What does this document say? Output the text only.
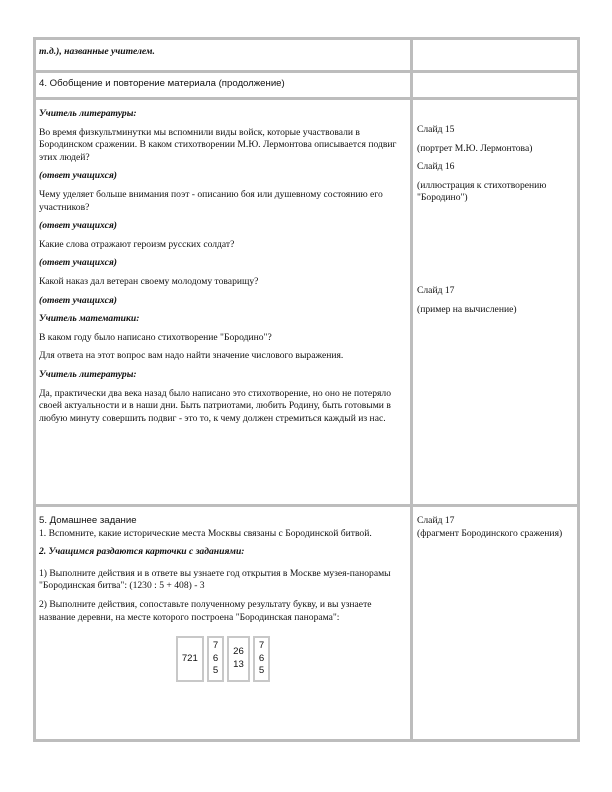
т.д.), названные учителем.

4. Обобщение и повторение материала (продолжение)

Учитель литературы:

Во время физкультминутки мы вспомнили виды войск, которые участвовали в Бородинском сражении. В каком стихотворении М.Ю. Лермонтова описывается подвиг этих людей?

(ответ учащихся)

Чему уделяет больше внимания поэт - описанию боя или душевному состоянию его участников?

(ответ учащихся)

Какие слова отражают героизм русских солдат?

(ответ учащихся)

Какой наказ дал ветеран своему молодому товарищу?

(ответ учащихся)

Учитель математики:

В каком году было написано стихотворение "Бородино"?

Для ответа на этот вопрос вам надо найти значение числового выражения.

Учитель литературы:

Да, практически два века назад было написано это стихотворение, но оно не потеряло своей актуальности и в наши дни. Быть патриотами, любить Родину, быть готовыми в любую минуту совершить подвиг - это то, к чему должен стремиться каждый из нас.

Слайд 15

(портрет М.Ю. Лермонтова)

Слайд 16

(иллюстрация к стихотворению "Бородино")

Слайд 17

(пример на вычисление)

5. Домашнее задание

1. Вспомните, какие исторические места Москвы связаны с Бородинской битвой.

2. Учащимся раздаются карточки с заданиями:

1) Выполните действия и в ответе вы узнаете год открытия в Москве музея-панорамы "Бородинская битва": (1230 : 5 + 408) - 3

2) Выполните действия, сопоставьте полученному результату букву, и вы узнаете название деревни, на месте которого построена "Бородинская панорама":

721
7
6
5
26
13
7
6
5

Слайд 17

(фрагмент Бородинского сражения)
